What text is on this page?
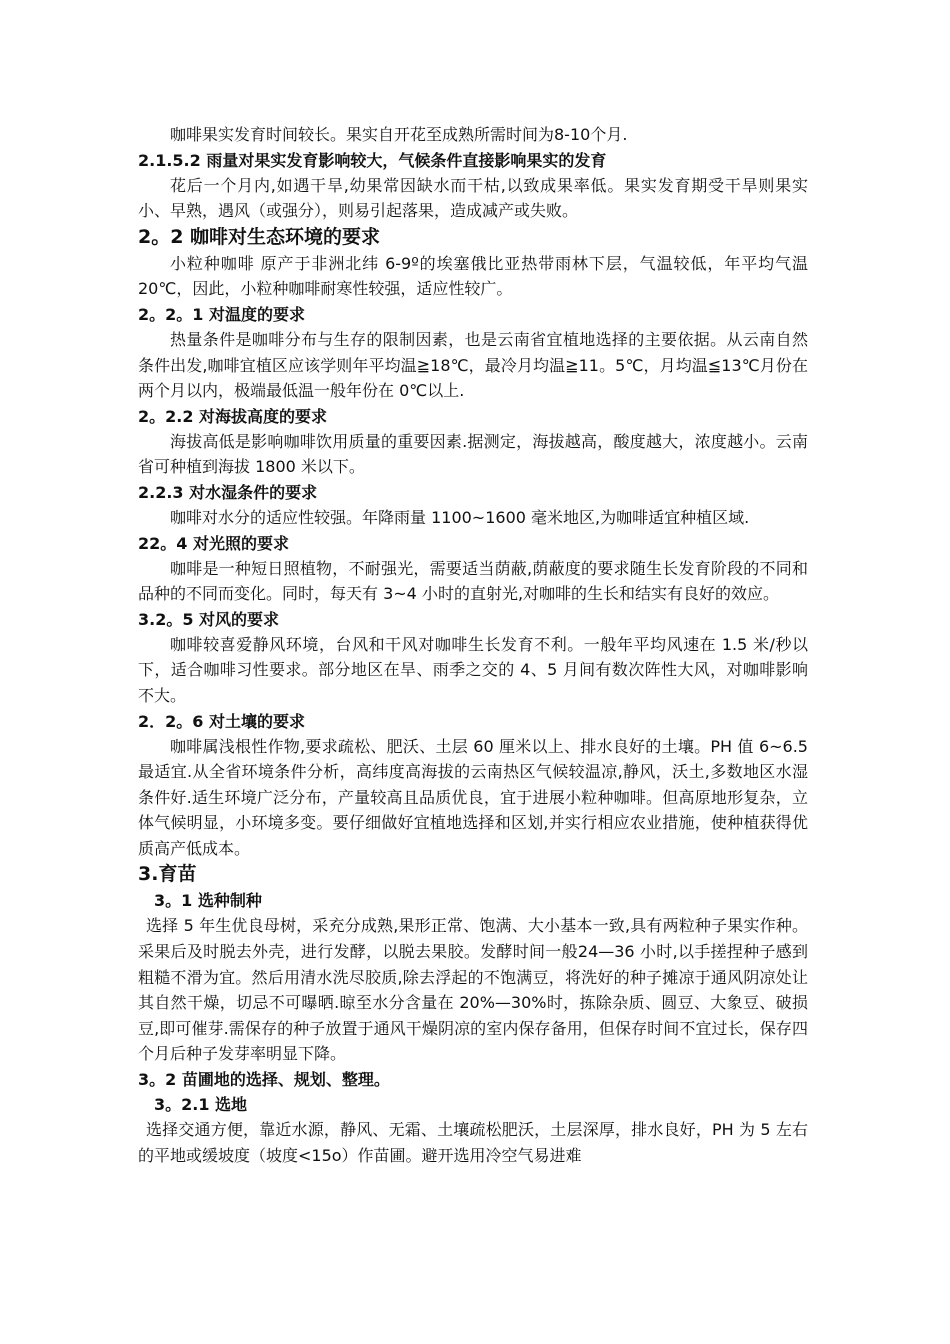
咖啡果实发育时间较长。果实自开花至成熟所需时间为8-10个月.
2.1.5.2 雨量对果实发育影响较大，气候条件直接影响果实的发育
花后一个月内,如遇干旱,幼果常因缺水而干枯,以致成果率低。果实发育期受干旱则果实小、早熟，遇风（或强分），则易引起落果，造成减产或失败。
2。2 咖啡对生态环境的要求
小粒种咖啡 原产于非洲北纬 6-9º的埃塞俄比亚热带雨林下层，气温较低，年平均气温 20℃，因此，小粒种咖啡耐寒性较强，适应性较广。
2。2。1 对温度的要求
热量条件是咖啡分布与生存的限制因素，也是云南省宜植地选择的主要依据。从云南自然条件出发,咖啡宜植区应该学则年平均温≧18℃，最冷月均温≧11。5℃，月均温≦13℃月份在两个月以内，极端最低温一般年份在 0℃以上.
2。2.2 对海拔高度的要求
海拔高低是影响咖啡饮用质量的重要因素.据测定，海拔越高，酸度越大，浓度越小。云南省可种植到海拔 1800 米以下。
2.2.3 对水湿条件的要求
咖啡对水分的适应性较强。年降雨量 1100~1600 毫米地区,为咖啡适宜种植区域.
22。4 对光照的要求
咖啡是一种短日照植物，不耐强光，需要适当荫蔽,荫蔽度的要求随生长发育阶段的不同和品种的不同而变化。同时，每天有 3~4 小时的直射光,对咖啡的生长和结实有良好的效应。
3.2。5 对风的要求
咖啡较喜爱静风环境，台风和干风对咖啡生长发育不利。一般年平均风速在 1.5 米/秒以下，适合咖啡习性要求。部分地区在旱、雨季之交的 4、5 月间有数次阵性大风，对咖啡影响不大。
2．2。6 对土壤的要求
咖啡属浅根性作物,要求疏松、肥沃、土层 60 厘米以上、排水良好的土壤。PH 值 6~6.5 最适宜.从全省环境条件分析，高纬度高海拔的云南热区气候较温凉,静风，沃土,多数地区水湿条件好.适生环境广泛分布，产量较高且品质优良，宜于进展小粒种咖啡。但高原地形复杂，立体气候明显，小环境多变。要仔细做好宜植地选择和区划,并实行相应农业措施，使种植获得优质高产低成本。
3.育苗
3。1 选种制种
选择 5 年生优良母树，采充分成熟,果形正常、饱满、大小基本一致,具有两粒种子果实作种。采果后及时脱去外壳，进行发酵，以脱去果胶。发酵时间一般24—36 小时,以手搓捏种子感到粗糙不滑为宜。然后用清水洗尽胶质,除去浮起的不饱满豆，将洗好的种子摊凉于通风阴凉处让其自然干燥，切忌不可曝晒.晾至水分含量在 20%—30%时，拣除杂质、圆豆、大象豆、破损豆,即可催芽.需保存的种子放置于通风干燥阴凉的室内保存备用，但保存时间不宜过长，保存四个月后种子发芽率明显下降。
3。2 苗圃地的选择、规划、整理。
3。2.1 选地
选择交通方便，靠近水源，静风、无霜、土壤疏松肥沃，土层深厚，排水良好，PH 为 5 左右的平地或缓坡度（坡度<15o）作苗圃。避开选用冷空气易进难
